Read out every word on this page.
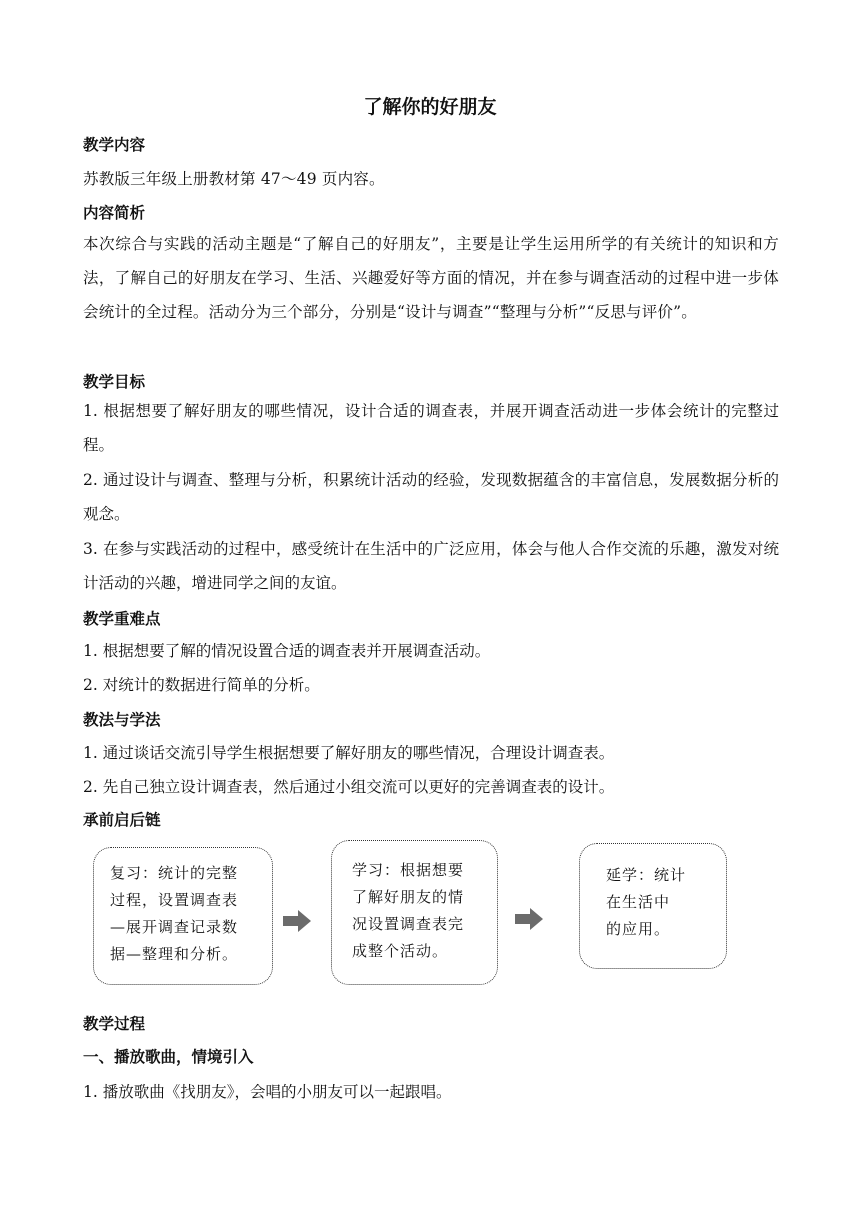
了解你的好朋友
教学内容
苏教版三年级上册教材第 47～49 页内容。
内容简析
本次综合与实践的活动主题是“了解自己的好朋友”，主要是让学生运用所学的有关统计的知识和方法，了解自己的好朋友在学习、生活、兴趣爱好等方面的情况，并在参与调查活动的过程中进一步体会统计的全过程。活动分为三个部分，分别是“设计与调查”“整理与分析”“反思与评价”。
教学目标
1. 根据想要了解好朋友的哪些情况，设计合适的调查表，并展开调查活动进一步体会统计的完整过程。
2. 通过设计与调查、整理与分析，积累统计活动的经验，发现数据蕴含的丰富信息，发展数据分析的观念。
3. 在参与实践活动的过程中，感受统计在生活中的广泛应用，体会与他人合作交流的乐趣，激发对统计活动的兴趣，增进同学之间的友谊。
教学重难点
1. 根据想要了解的情况设置合适的调查表并开展调查活动。
2. 对统计的数据进行简单的分析。
教法与学法
1. 通过谈话交流引导学生根据想要了解好朋友的哪些情况，合理设计调查表。
2. 先自己独立设计调查表，然后通过小组交流可以更好的完善调查表的设计。
承前启后链
复习：统计的完整
过程，设置调查表
—展开调查记录数
据—整理和分析。
学习：根据想要
了解好朋友的情
况设置调查表完
成整个活动。
延学：统计
在生活中
的应用。
教学过程
一、播放歌曲，情境引入
1. 播放歌曲《找朋友》，会唱的小朋友可以一起跟唱。
